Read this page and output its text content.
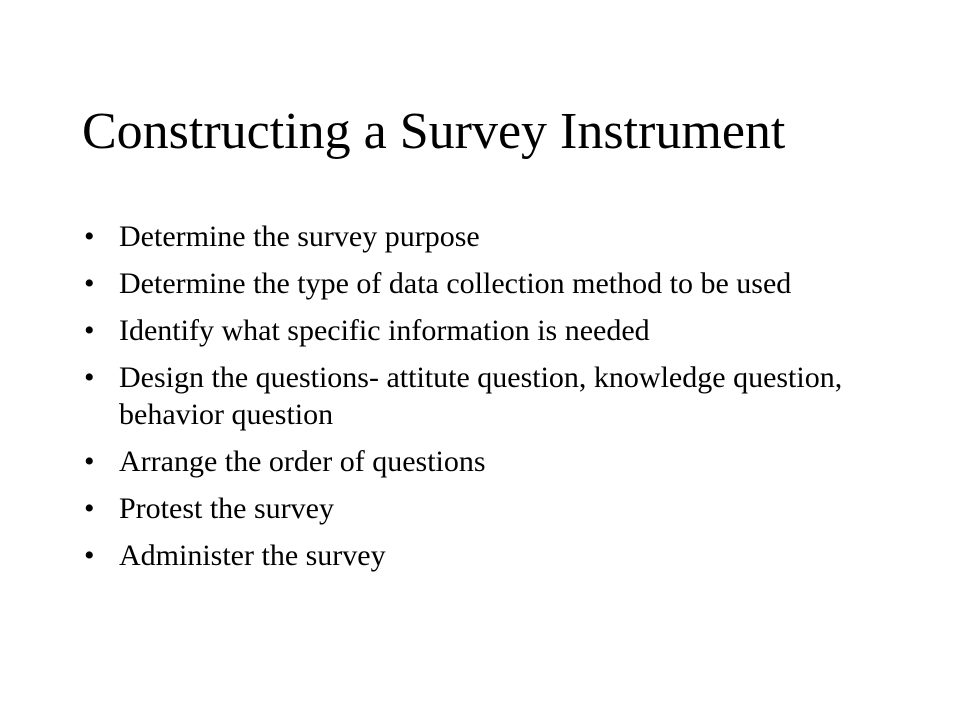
Constructing a Survey Instrument
• Determine the survey purpose
• Determine the type of data collection method to be used
• Identify what specific information is needed
• Design the questions- attitute question, knowledge question, behavior question
• Arrange the order of questions
• Protest the survey
• Administer the survey
